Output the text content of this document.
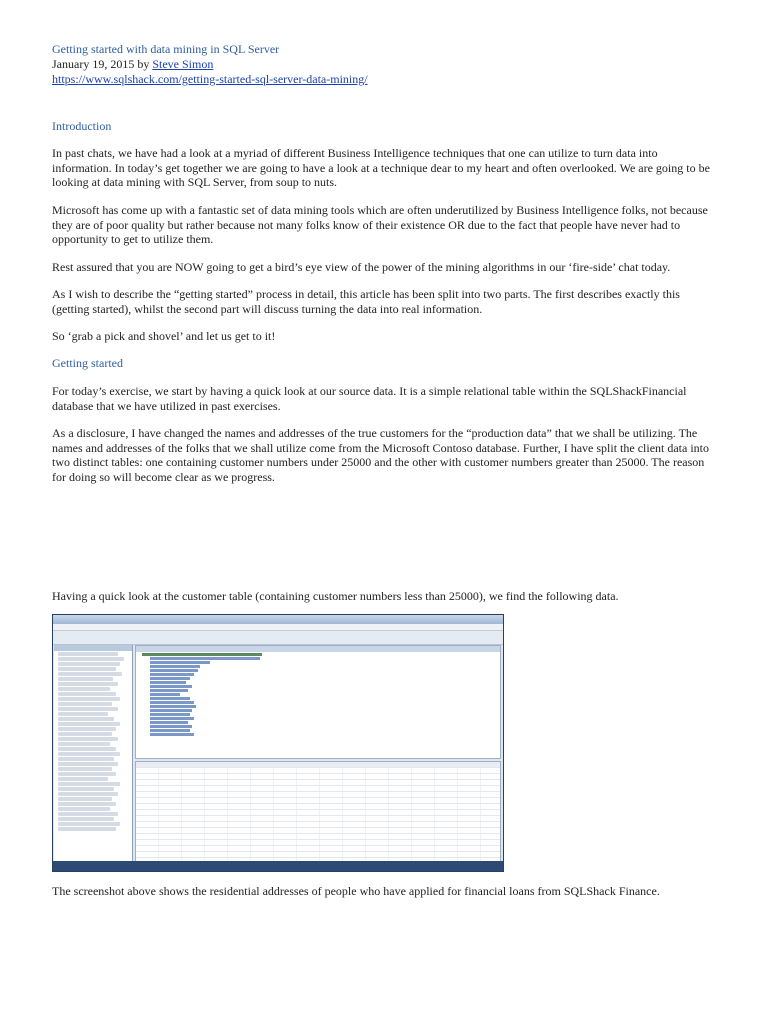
Getting started with data mining in SQL Server
January 19, 2015 by Steve Simon
https://www.sqlshack.com/getting-started-sql-server-data-mining/
Introduction

In past chats, we have had a look at a myriad of different Business Intelligence techniques that one can utilize to turn data into information. In today’s get together we are going to have a look at a technique dear to my heart and often overlooked. We are going to be looking at data mining with SQL Server, from soup to nuts.

Microsoft has come up with a fantastic set of data mining tools which are often underutilized by Business Intelligence folks, not because they are of poor quality but rather because not many folks know of their existence OR due to the fact that people have never had to opportunity to get to utilize them.

Rest assured that you are NOW going to get a bird’s eye view of the power of the mining algorithms in our ‘fire-side’ chat today.

As I wish to describe the “getting started” process in detail, this article has been split into two parts. The first describes exactly this (getting started), whilst the second part will discuss turning the data into real information.

So ‘grab a pick and shovel’ and let us get to it!

Getting started

For today’s exercise, we start by having a quick look at our source data. It is a simple relational table within the SQLShackFinancial database that we have utilized in past exercises.

As a disclosure, I have changed the names and addresses of the true customers for the “production data” that we shall be utilizing. The names and addresses of the folks that we shall utilize come from the Microsoft Contoso database. Further, I have split the client data into two distinct tables: one containing customer numbers under 25000 and the other with customer numbers greater than 25000. The reason for doing so will become clear as we progress.

Having a quick look at the customer table (containing customer numbers less than 25000), we find the following data.

The screenshot above shows the residential addresses of people who have applied for financial loans from SQLShack Finance.
